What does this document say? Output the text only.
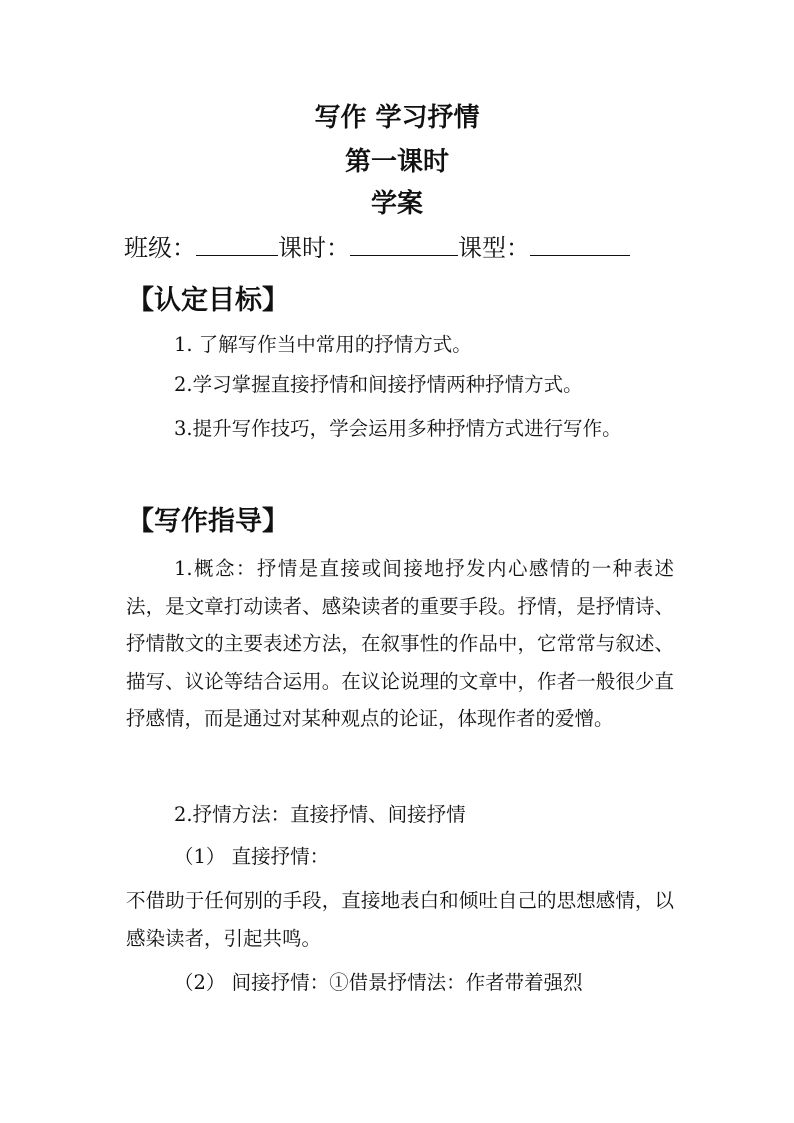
写作 学习抒情
第一课时
学案
班级：	课时：	课型：
【认定目标】
1. 了解写作当中常用的抒情方式。
2.学习掌握直接抒情和间接抒情两种抒情方式。
3.提升写作技巧，学会运用多种抒情方式进行写作。
【写作指导】
1.概念：抒情是直接或间接地抒发内心感情的一种表述法，是文章打动读者、感染读者的重要手段。抒情，是抒情诗、抒情散文的主要表述方法，在叙事性的作品中，它常常与叙述、描写、议论等结合运用。在议论说理的文章中，作者一般很少直抒感情，而是通过对某种观点的论证，体现作者的爱憎。
2.抒情方法：直接抒情、间接抒情
（1） 直接抒情：
不借助于任何别的手段，直接地表白和倾吐自己的思想感情，以感染读者，引起共鸣。
（2） 间接抒情：①借景抒情法：作者带着强烈
